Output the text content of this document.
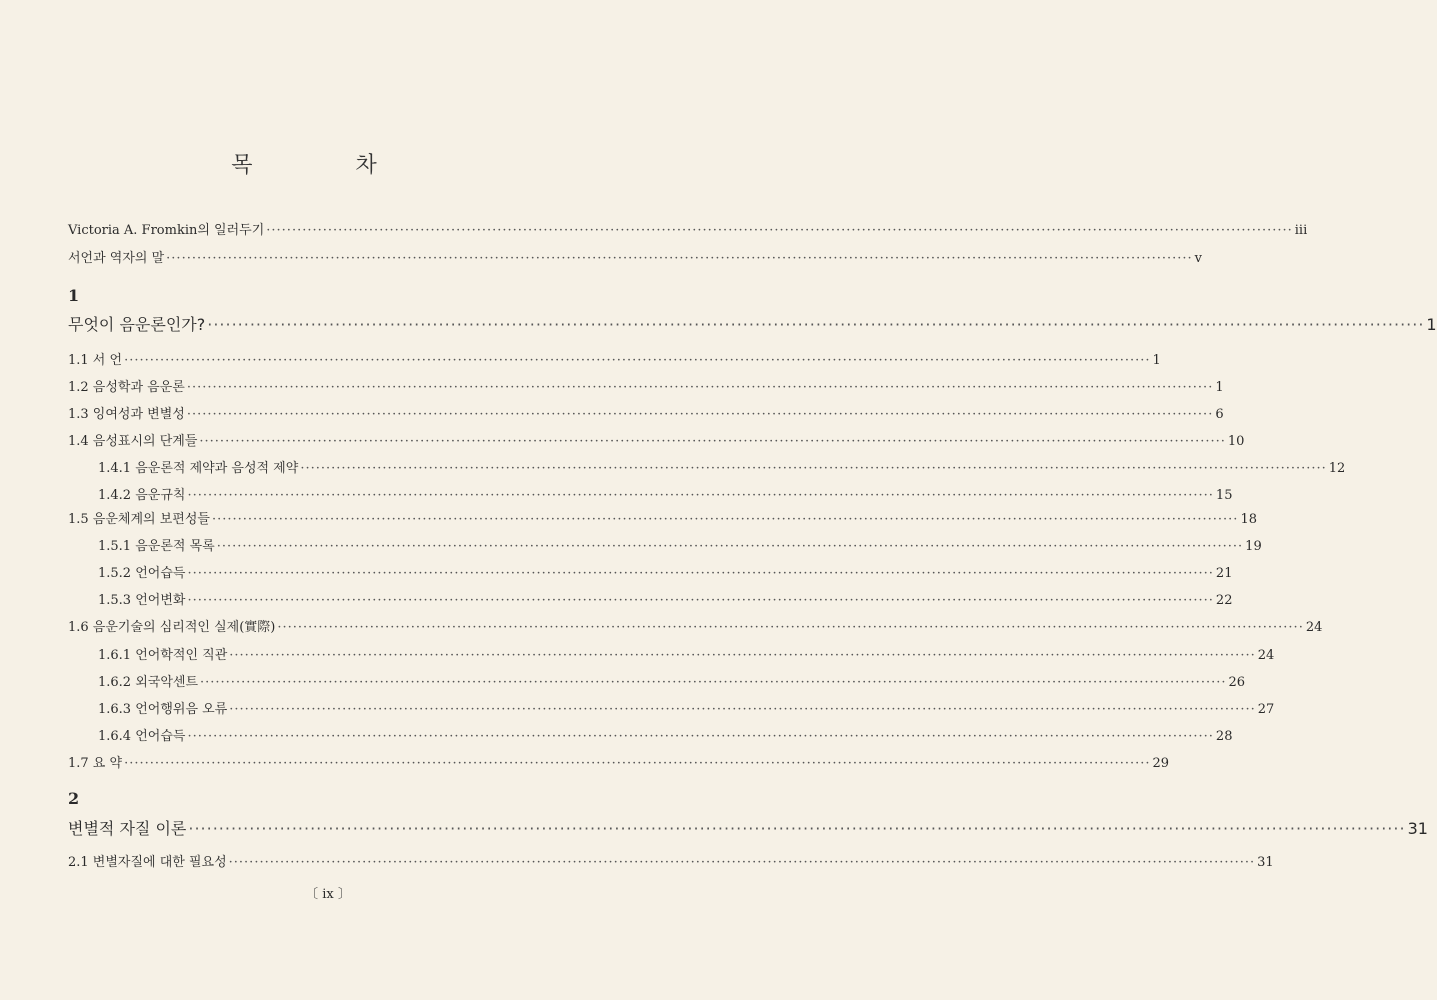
목 차
Victoria A. Fromkin의 일러두기 ········································································································································································································ iii
서언과 역자의 말 ········································································································································································································ v
1
무엇이 음운론인가? ········································································································································································································ 1
1.1 서 언 ········································································································································································································ 1
1.2 음성학과 음운론 ········································································································································································································ 1
1.3 잉여성과 변별성 ········································································································································································································ 6
1.4 음성표시의 단계들 ········································································································································································································ 10
1.4.1 음운론적 제약과 음성적 제약 ········································································································································································································ 12
1.4.2 음운규칙 ········································································································································································································ 15
1.5 음운체계의 보편성들 ········································································································································································································ 18
1.5.1 음운론적 목록 ········································································································································································································ 19
1.5.2 언어습득 ········································································································································································································ 21
1.5.3 언어변화 ········································································································································································································ 22
1.6 음운기술의 심리적인 실제(實際) ········································································································································································································ 24
1.6.1 언어학적인 직관 ········································································································································································································ 24
1.6.2 외국악센트 ········································································································································································································ 26
1.6.3 언어행위음 오류 ········································································································································································································ 27
1.6.4 언어습득 ········································································································································································································ 28
1.7 요 약 ········································································································································································································ 29
2
변별적 자질 이론 ········································································································································································································ 31
2.1 변별자질에 대한 필요성 ········································································································································································································ 31
〔 ix 〕
